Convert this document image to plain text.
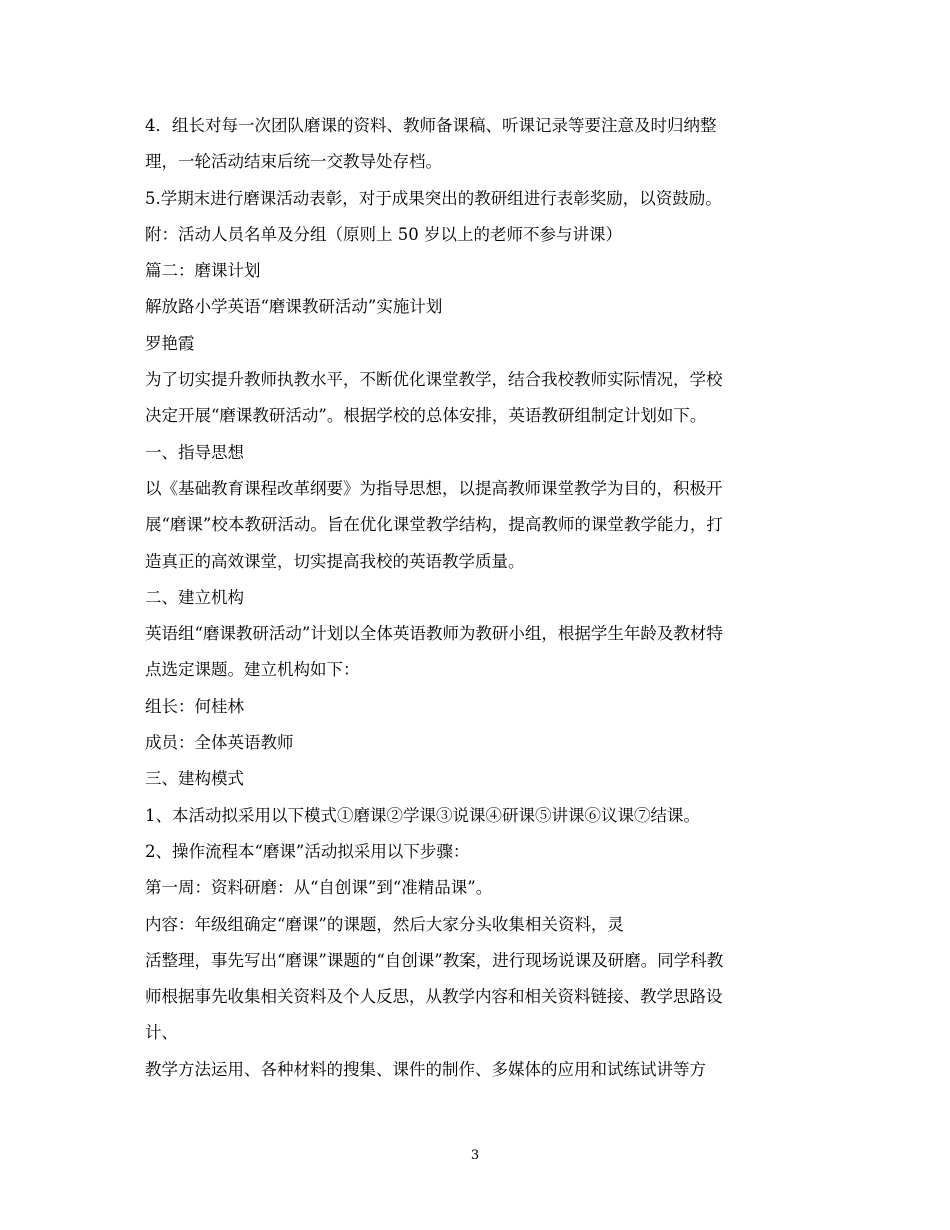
4．组长对每一次团队磨课的资料、教师备课稿、听课记录等要注意及时归纳整
理，一轮活动结束后统一交教导处存档。
5.学期末进行磨课活动表彰，对于成果突出的教研组进行表彰奖励，以资鼓励。
附：活动人员名单及分组（原则上 50 岁以上的老师不参与讲课）
篇二：磨课计划
解放路小学英语“磨课教研活动”实施计划
罗艳霞
为了切实提升教师执教水平，不断优化课堂教学，结合我校教师实际情况，学校
决定开展“磨课教研活动”。根据学校的总体安排，英语教研组制定计划如下。
一、指导思想
以《基础教育课程改革纲要》为指导思想，以提高教师课堂教学为目的，积极开
展“磨课”校本教研活动。旨在优化课堂教学结构，提高教师的课堂教学能力，打
造真正的高效课堂，切实提高我校的英语教学质量。
二、建立机构
英语组“磨课教研活动”计划以全体英语教师为教研小组，根据学生年龄及教材特
点选定课题。建立机构如下：
组长：何桂林
成员：全体英语教师
三、建构模式
1、本活动拟采用以下模式①磨课②学课③说课④研课⑤讲课⑥议课⑦结课。
2、操作流程本“磨课”活动拟采用以下步骤：
第一周：资料研磨：从“自创课”到“准精品课”。
内容：年级组确定“磨课”的课题，然后大家分头收集相关资料，灵
活整理，事先写出“磨课”课题的“自创课”教案，进行现场说课及研磨。同学科教
师根据事先收集相关资料及个人反思，从教学内容和相关资料链接、教学思路设
计、
教学方法运用、各种材料的搜集、课件的制作、多媒体的应用和试练试讲等方
3
